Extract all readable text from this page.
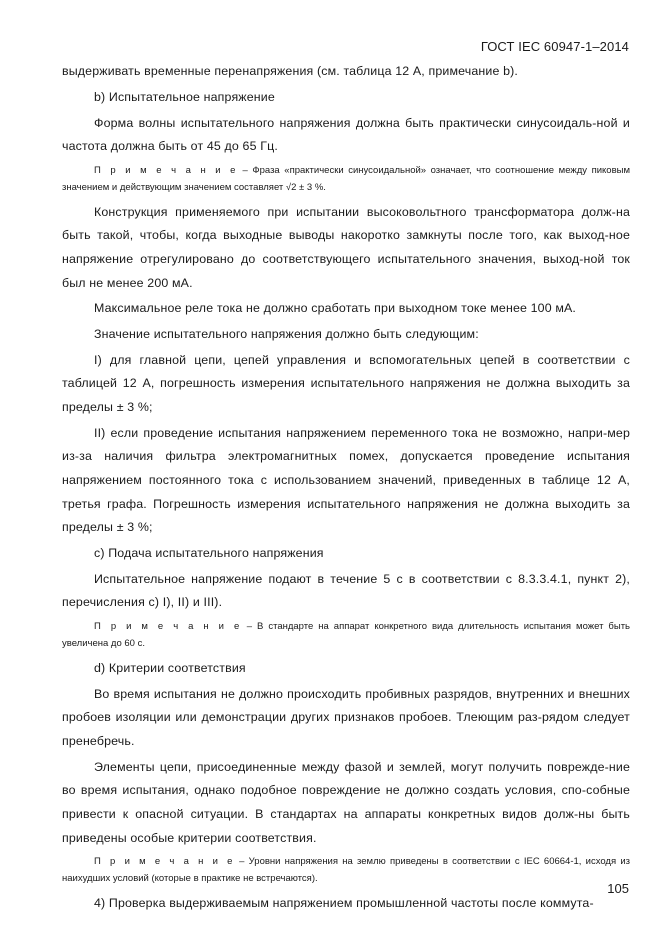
ГОСТ IEC 60947-1–2014

выдерживать временные перенапряжения (см. таблица 12 А, примечание b).

b) Испытательное напряжение

Форма волны испытательного напряжения должна быть практически синусоидаль-ной и частота должна быть от 45 до 65 Гц.

П р и м е ч а н и е – Фраза «практически синусоидальной» означает, что соотношение между пиковым значением и действующим значением составляет √2 ± 3 %.

Конструкция применяемого при испытании высоковольтного трансформатора долж-на быть такой, чтобы, когда выходные выводы накоротко замкнуты после того, как выход-ное напряжение отрегулировано до соответствующего испытательного значения, выход-ной ток был не менее 200 мА.

Максимальное реле тока не должно сработать при выходном токе менее 100 мА.

Значение испытательного напряжения должно быть следующим:

I) для главной цепи, цепей управления и вспомогательных цепей в соответствии с таблицей 12 А, погрешность измерения испытательного напряжения не должна выходить за пределы ± 3 %;

II) если проведение испытания напряжением переменного тока не возможно, напри-мер из-за наличия фильтра электромагнитных помех, допускается проведение испытания напряжением постоянного тока с использованием значений, приведенных в таблице 12 А, третья графа. Погрешность измерения испытательного напряжения не должна выходить за пределы ± 3 %;

c) Подача испытательного напряжения

Испытательное напряжение подают в течение 5 с в соответствии с 8.3.3.4.1, пункт 2), перечисления c) I), II) и III).

П р и м е ч а н и е – В стандарте на аппарат конкретного вида длительность испытания может быть увеличена до 60 с.

d) Критерии соответствия

Во время испытания не должно происходить пробивных разрядов, внутренних и внешних пробоев изоляции или демонстрации других признаков пробоев. Тлеющим раз-рядом следует пренебречь.

Элементы цепи, присоединенные между фазой и землей, могут получить поврежде-ние во время испытания, однако подобное повреждение не должно создать условия, спо-собные привести к опасной ситуации. В стандартах на аппараты конкретных видов долж-ны быть приведены особые критерии соответствия.

П р и м е ч а н и е – Уровни напряжения на землю приведены в соответствии с IEC 60664-1, исходя из наихудших условий (которые в практике не встречаются).

4) Проверка выдерживаемым напряжением промышленной частоты после коммута-

105
